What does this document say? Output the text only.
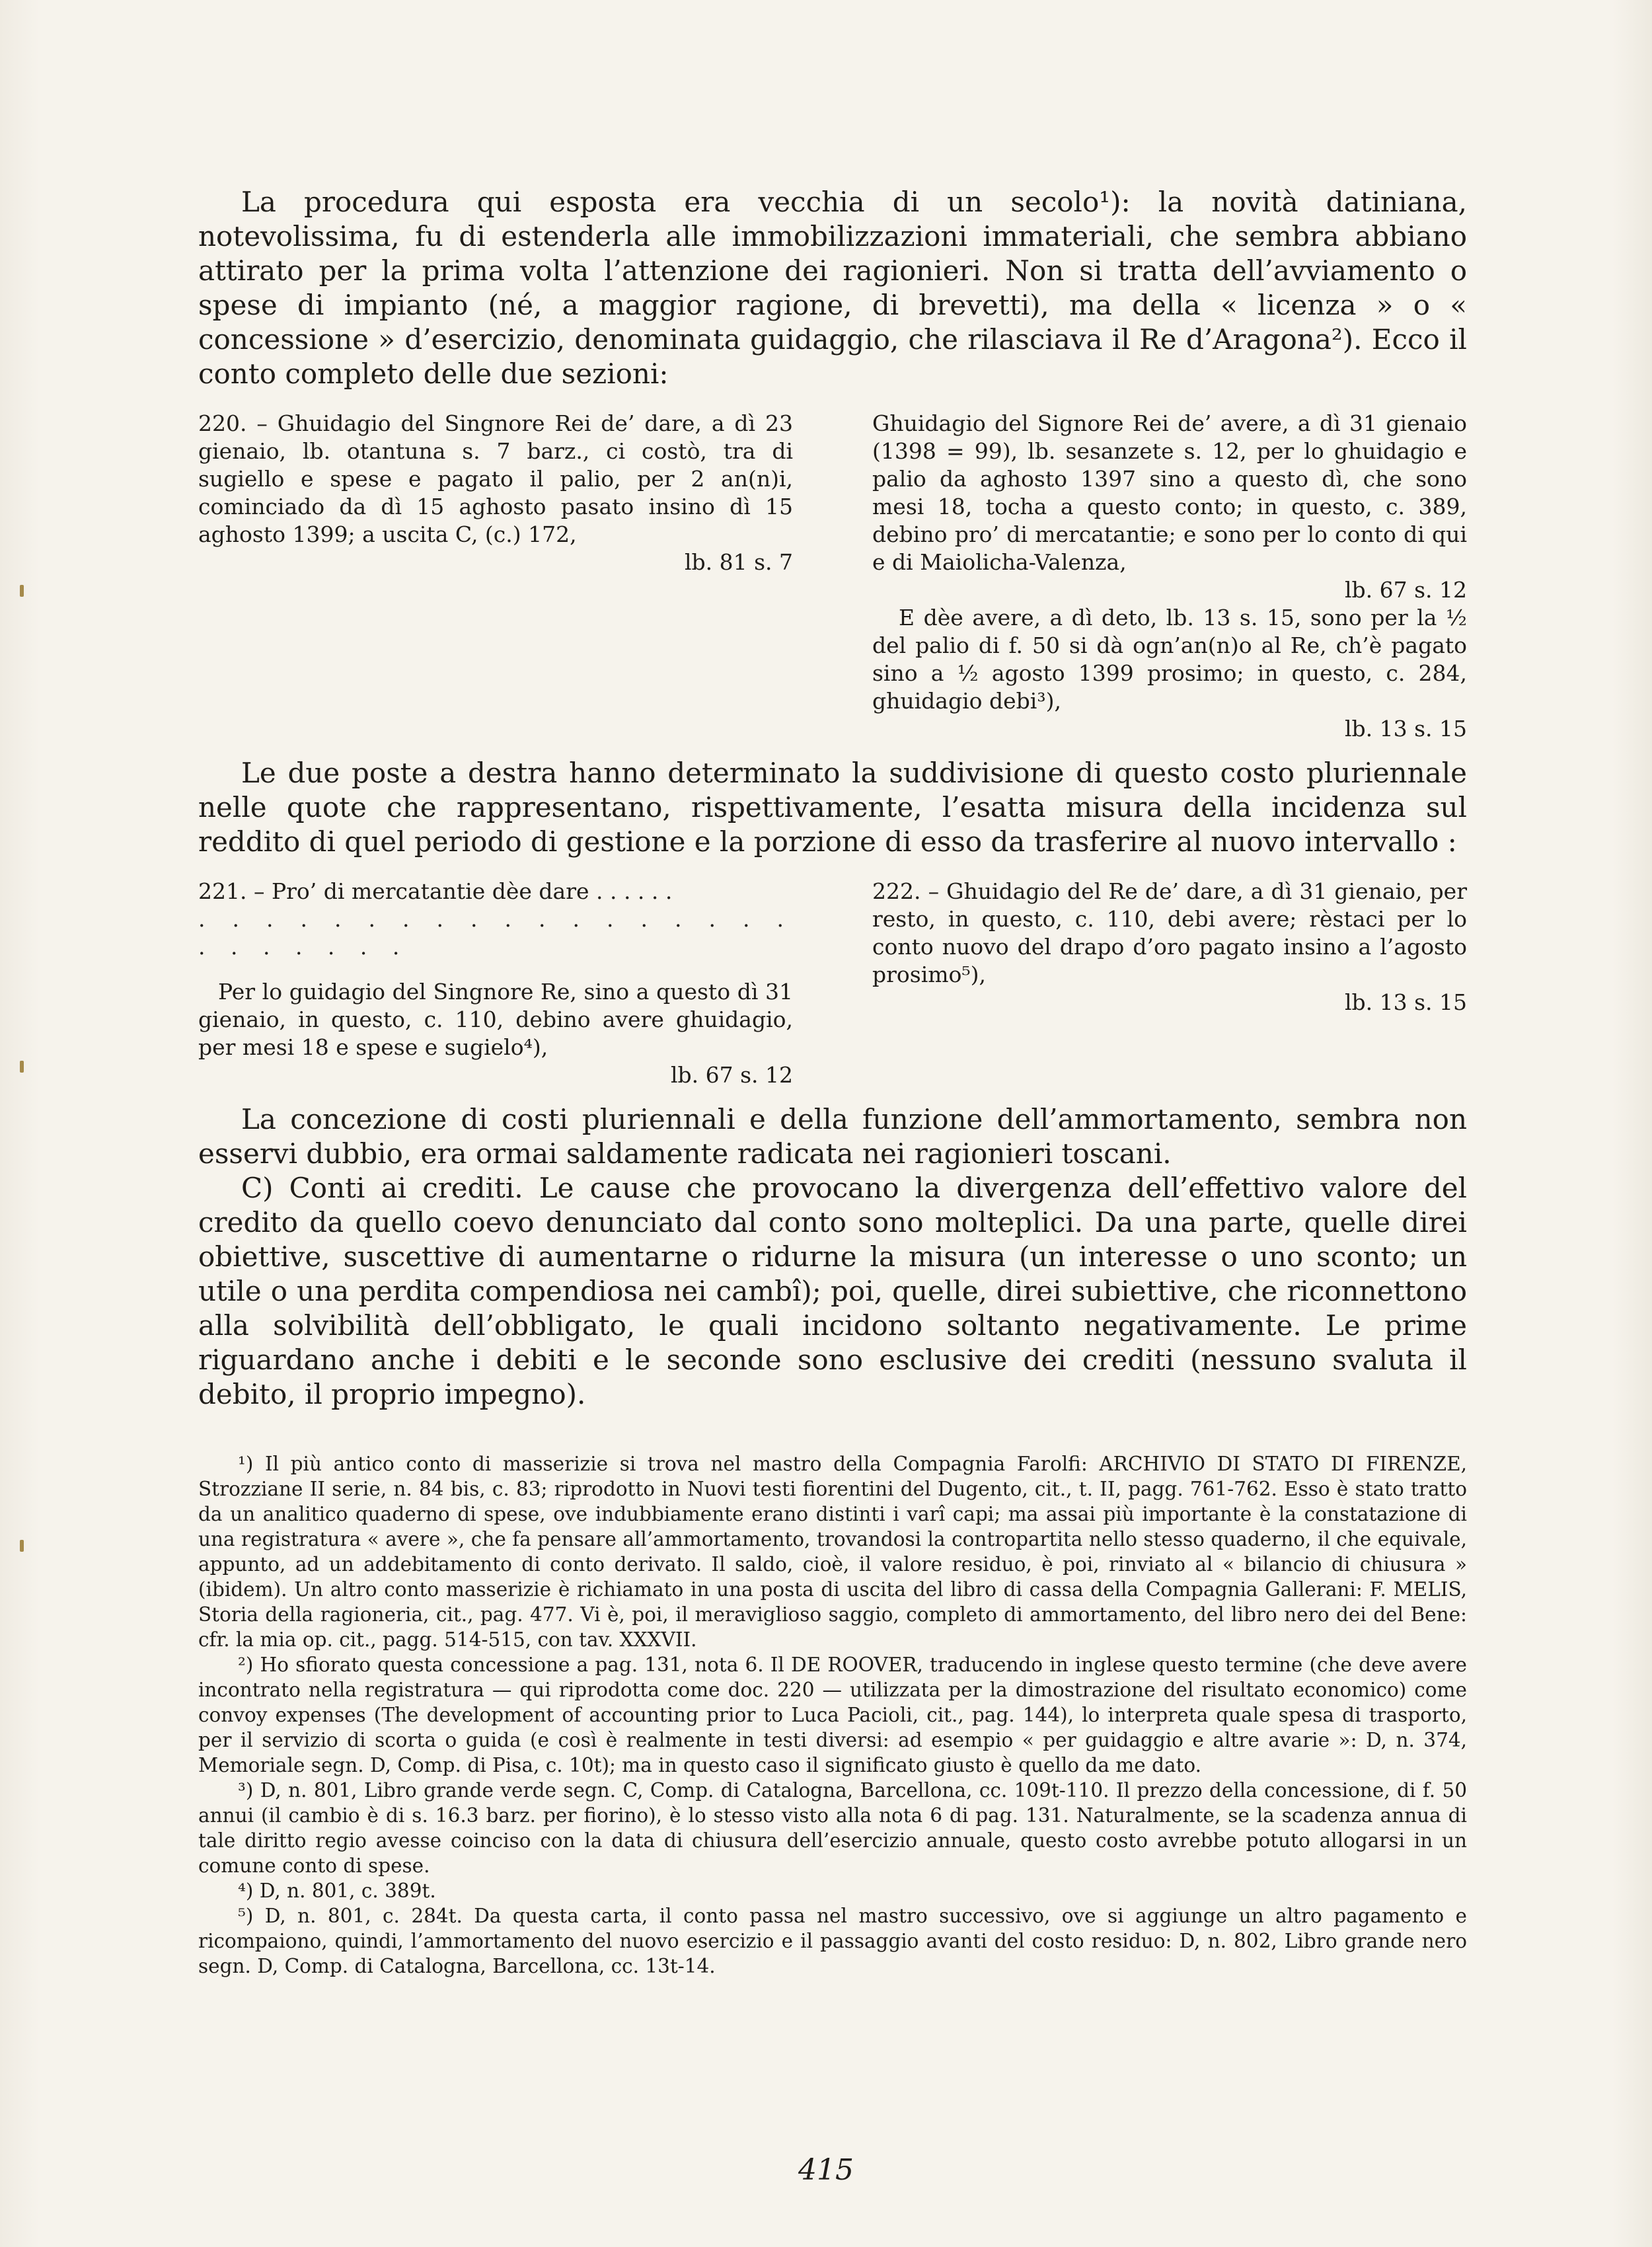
La procedura qui esposta era vecchia di un secolo¹): la novità datiniana, notevolissima, fu di estenderla alle immobilizzazioni immateriali, che sembra abbiano attirato per la prima volta l’attenzione dei ragionieri. Non si tratta dell’avviamento o spese di impianto (né, a maggior ragione, di brevetti), ma della « licenza » o « concessione » d’esercizio, denominata guidaggio, che rilasciava il Re d’Aragona²). Ecco il conto completo delle due sezioni:

220. – Ghuidagio del Singnore Rei de’ dare, a dì 23 gienaio, lb. otantuna s. 7 barz., ci costò, tra di sugiello e spese e pagato il palio, per 2 an(n)i, cominciado da dì 15 aghosto pasato insino dì 15 aghosto 1399; a uscita C, (c.) 172,

lb. 81 s. 7

Ghuidagio del Signore Rei de’ avere, a dì 31 gienaio (1398 = 99), lb. sesanzete s. 12, per lo ghuidagio e palio da aghosto 1397 sino a questo dì, che sono mesi 18, tocha a questo conto; in questo, c. 389, debino pro’ di mercatantie; e sono per lo conto di qui e di Maiolicha-Valenza,

lb. 67 s. 12

E dèe avere, a dì deto, lb. 13 s. 15, sono per la ½ del palio di f. 50 si dà ogn’an(n)o al Re, ch’è pagato sino a ½ agosto 1399 prosimo; in questo, c. 284, ghuidagio debi³),

lb. 13 s. 15

Le due poste a destra hanno determinato la suddivisione di questo costo pluriennale nelle quote che rappresentano, rispettivamente, l’esatta misura della incidenza sul reddito di quel periodo di gestione e la porzione di esso da trasferire al nuovo intervallo :

221. – Pro’ di mercatantie dèe dare . . . . . .

. . . . . . . . . . . . . . . . . . . . . . . . .

Per lo guidagio del Singnore Re, sino a questo dì 31 gienaio, in questo, c. 110, debino avere ghuidagio, per mesi 18 e spese e sugielo⁴),

lb. 67 s. 12

222. – Ghuidagio del Re de’ dare, a dì 31 gienaio, per resto, in questo, c. 110, debi avere; rèstaci per lo conto nuovo del drapo d’oro pagato insino a l’agosto prosimo⁵),

lb. 13 s. 15

La concezione di costi pluriennali e della funzione dell’ammortamento, sembra non esservi dubbio, era ormai saldamente radicata nei ragionieri toscani.

C) Conti ai crediti. Le cause che provocano la divergenza dell’effettivo valore del credito da quello coevo denunciato dal conto sono molteplici. Da una parte, quelle direi obiettive, suscettive di aumentarne o ridurne la misura (un interesse o uno sconto; un utile o una perdita compendiosa nei cambî); poi, quelle, direi subiettive, che riconnettono alla solvibilità dell’obbligato, le quali incidono soltanto negativamente. Le prime riguardano anche i debiti e le seconde sono esclusive dei crediti (nessuno svaluta il debito, il proprio impegno).

¹) Il più antico conto di masserizie si trova nel mastro della Compagnia Farolfi: ARCHIVIO DI STATO DI FIRENZE, Strozziane II serie, n. 84 bis, c. 83; riprodotto in Nuovi testi fiorentini del Dugento, cit., t. II, pagg. 761-762. Esso è stato tratto da un analitico quaderno di spese, ove indubbiamente erano distinti i varî capi; ma assai più importante è la constatazione di una registratura « avere », che fa pensare all’ammortamento, trovandosi la contropartita nello stesso quaderno, il che equivale, appunto, ad un addebitamento di conto derivato. Il saldo, cioè, il valore residuo, è poi, rinviato al « bilancio di chiusura » (ibidem). Un altro conto masserizie è richiamato in una posta di uscita del libro di cassa della Compagnia Gallerani: F. MELIS, Storia della ragioneria, cit., pag. 477. Vi è, poi, il meraviglioso saggio, completo di ammortamento, del libro nero dei del Bene: cfr. la mia op. cit., pagg. 514-515, con tav. XXXVII.

²) Ho sfiorato questa concessione a pag. 131, nota 6. Il DE ROOVER, traducendo in inglese questo termine (che deve avere incontrato nella registratura — qui riprodotta come doc. 220 — utilizzata per la dimostrazione del risultato economico) come convoy expenses (The development of accounting prior to Luca Pacioli, cit., pag. 144), lo interpreta quale spesa di trasporto, per il servizio di scorta o guida (e così è realmente in testi diversi: ad esempio « per guidaggio e altre avarie »: D, n. 374, Memoriale segn. D, Comp. di Pisa, c. 10t); ma in questo caso il significato giusto è quello da me dato.

³) D, n. 801, Libro grande verde segn. C, Comp. di Catalogna, Barcellona, cc. 109t-110. Il prezzo della concessione, di f. 50 annui (il cambio è di s. 16.3 barz. per fiorino), è lo stesso visto alla nota 6 di pag. 131. Naturalmente, se la scadenza annua di tale diritto regio avesse coinciso con la data di chiusura dell’esercizio annuale, questo costo avrebbe potuto allogarsi in un comune conto di spese.

⁴) D, n. 801, c. 389t.

⁵) D, n. 801, c. 284t. Da questa carta, il conto passa nel mastro successivo, ove si aggiunge un altro pagamento e ricompaiono, quindi, l’ammortamento del nuovo esercizio e il passaggio avanti del costo residuo: D, n. 802, Libro grande nero segn. D, Comp. di Catalogna, Barcellona, cc. 13t-14.

415
